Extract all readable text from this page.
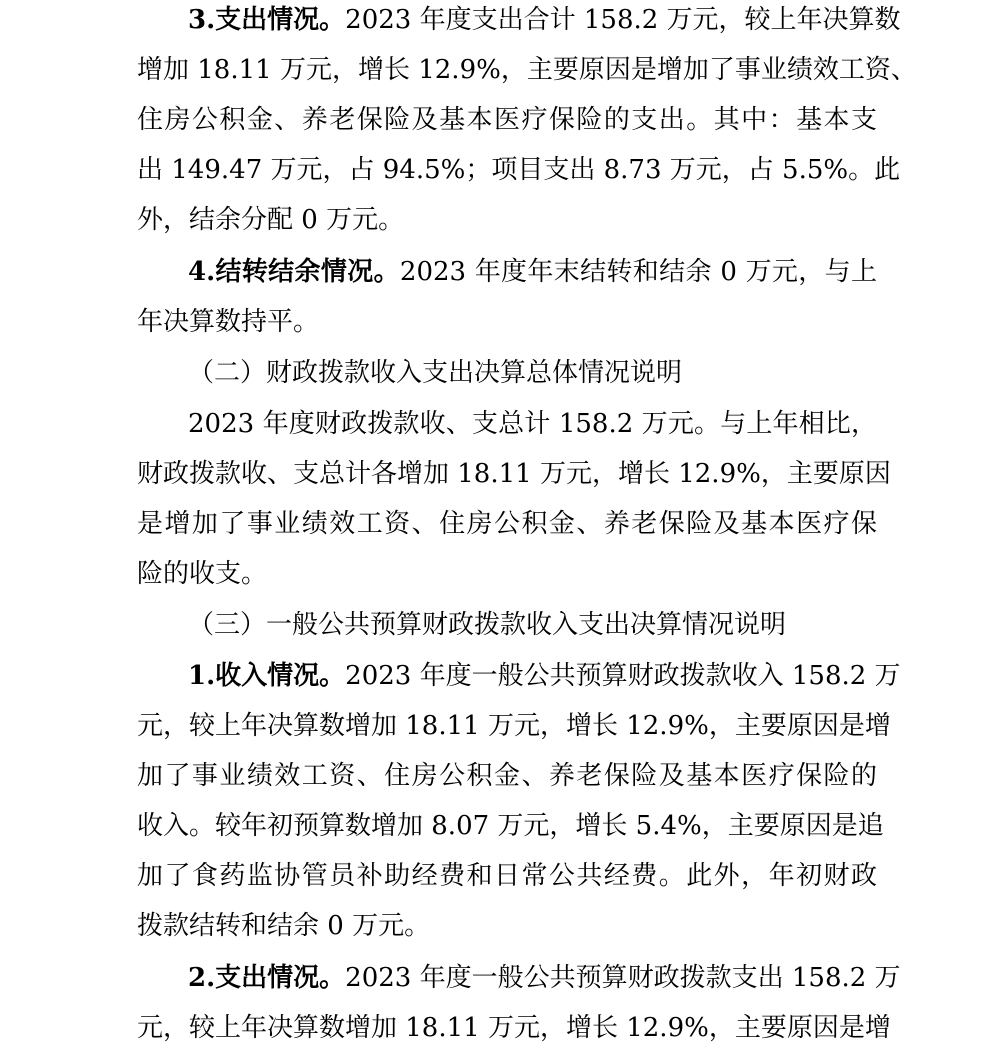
3.支出情况。2023 年度支出合计 158.2 万元，较上年决算数
增加 18.11 万元，增长 12.9%，主要原因是增加了事业绩效工资、
住房公积金、养老保险及基本医疗保险的支出。其中：基本支
出 149.47 万元，占 94.5%；项目支出 8.73 万元，占 5.5%。此
外，结余分配 0 万元。
4.结转结余情况。2023 年度年末结转和结余 0 万元，与上
年决算数持平。
（二）财政拨款收入支出决算总体情况说明
2023 年度财政拨款收、支总计 158.2 万元。与上年相比，
财政拨款收、支总计各增加 18.11 万元，增长 12.9%，主要原因
是增加了事业绩效工资、住房公积金、养老保险及基本医疗保
险的收支。
（三）一般公共预算财政拨款收入支出决算情况说明
1.收入情况。2023 年度一般公共预算财政拨款收入 158.2 万
元，较上年决算数增加 18.11 万元，增长 12.9%，主要原因是增
加了事业绩效工资、住房公积金、养老保险及基本医疗保险的
收入。较年初预算数增加 8.07 万元，增长 5.4%，主要原因是追
加了食药监协管员补助经费和日常公共经费。此外，年初财政
拨款结转和结余 0 万元。
2.支出情况。2023 年度一般公共预算财政拨款支出 158.2 万
元，较上年决算数增加 18.11 万元，增长 12.9%，主要原因是增
